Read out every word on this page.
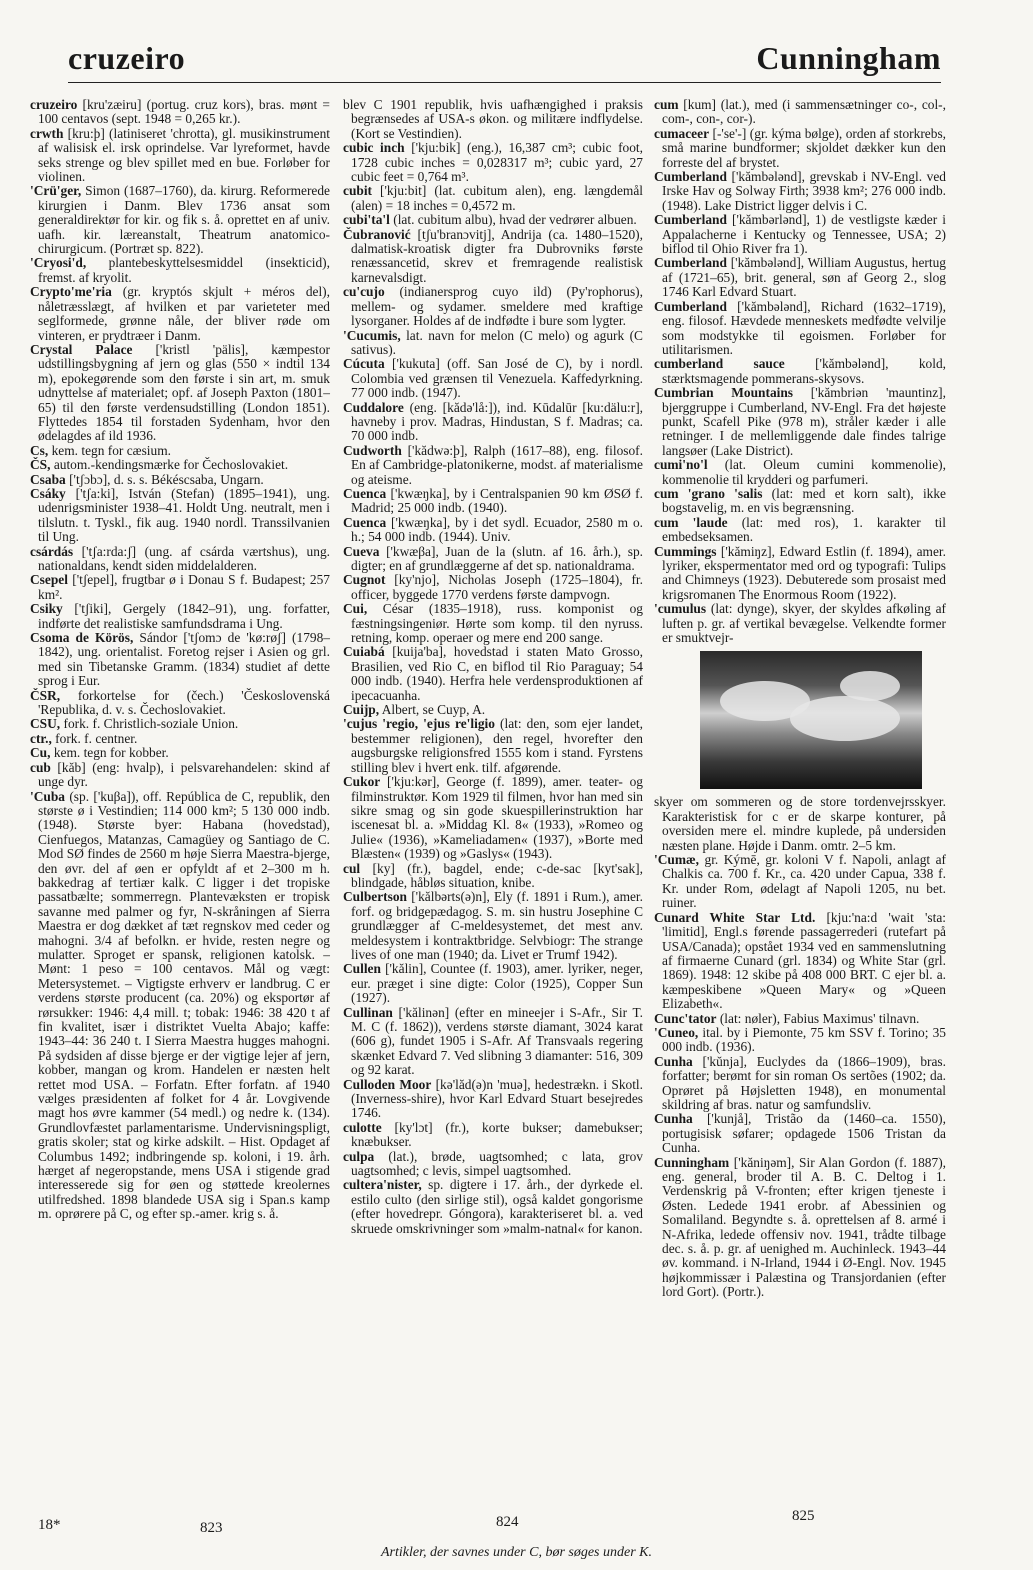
cruzeiro	Cunningham

cruzeiro [kru'zæiru] (portug. cruz kors), bras. mønt = 100 centavos (sept. 1948 = 0,265 kr.).

crwth [kru:þ] (latiniseret 'chrotta), gl. musikinstrument af walisisk el. irsk oprindelse. Var lyreformet, havde seks strenge og blev spillet med en bue. Forløber for violinen.

'Crü'ger, Simon (1687–1760), da. kirurg. Reformerede kirurgien i Danm. Blev 1736 ansat som generaldirektør for kir. og fik s. å. oprettet en af univ. uafh. kir. læreanstalt, Theatrum anatomico-chirurgicum. (Portræt sp. 822).

'Cryosi'd, plantebeskyttelsesmiddel (insekticid), fremst. af kryolit.

Crypto'me'ria (gr. kryptós skjult + méros del), nåletræsslægt, af hvilken et par varieteter med seglformede, grønne nåle, der bliver røde om vinteren, er prydtræer i Danm.

Crystal Palace ['kristl 'pälis], kæmpestor udstillingsbygning af jern og glas (550 × indtil 134 m), epokegørende som den første i sin art, m. smuk udnyttelse af materialet; opf. af Joseph Paxton (1801–65) til den første verdensudstilling (London 1851). Flyttedes 1854 til forstaden Sydenham, hvor den ødelagdes af ild 1936.

Cs, kem. tegn for cæsium.

ČS, autom.-kendingsmærke for Čechoslovakiet.

Csaba ['tʃɔbɔ], d. s. s. Békéscsaba, Ungarn.

Csáky ['tʃa:ki], István (Stefan) (1895–1941), ung. udenrigsminister 1938–41. Holdt Ung. neutralt, men i tilslutn. t. Tyskl., fik aug. 1940 nordl. Transsilvanien til Ung.

csárdás ['tʃa:rda:ʃ] (ung. af csárda værtshus), ung. nationaldans, kendt siden middelalderen.

Csepel ['tʃepel], frugtbar ø i Donau S f. Budapest; 257 km².

Csiky ['tʃiki], Gergely (1842–91), ung. forfatter, indførte det realistiske samfundsdrama i Ung.

Csoma de Körös, Sándor ['tʃomɔ de 'kø:røʃ] (1798–1842), ung. orientalist. Foretog rejser i Asien og grl. med sin Tibetanske Gramm. (1834) studiet af dette sprog i Eur.

ČSR, forkortelse for (čech.) 'Československá 'Republika, d. v. s. Čechoslovakiet.

CSU, fork. f. Christlich-soziale Union.

ctr., fork. f. centner.

Cu, kem. tegn for kobber.

cub [kăb] (eng: hvalp), i pelsvarehandelen: skind af unge dyr.

'Cuba (sp. ['kuβa]), off. República de C, republik, den største ø i Vestindien; 114 000 km²; 5 130 000 indb. (1948). Største byer: Habana (hovedstad), Cienfuegos, Matanzas, Camagüey og Santiago de C. Mod SØ findes de 2560 m høje Sierra Maestra-bjerge, den øvr. del af øen er opfyldt af et 2–300 m h. bakkedrag af tertiær kalk. C ligger i det tropiske passatbælte; sommerregn. Plantevæksten er tropisk savanne med palmer og fyr, N-skråningen af Sierra Maestra er dog dækket af tæt regnskov med ceder og mahogni. 3/4 af befolkn. er hvide, resten negre og mulatter. Sproget er spansk, religionen katolsk. – Mønt: 1 peso = 100 centavos. Mål og vægt: Metersystemet. – Vigtigste erhverv er landbrug. C er verdens største producent (ca. 20%) og eksportør af rørsukker: 1946: 4,4 mill. t; tobak: 1946: 38 420 t af fin kvalitet, især i distriktet Vuelta Abajo; kaffe: 1943–44: 36 240 t. I Sierra Maestra hugges mahogni. På sydsiden af disse bjerge er der vigtige lejer af jern, kobber, mangan og krom. Handelen er næsten helt rettet mod USA. – Forfatn. Efter forfatn. af 1940 vælges præsidenten af folket for 4 år. Lovgivende magt hos øvre kammer (54 medl.) og nedre k. (134). Grundlovfæstet parlamentarisme. Undervisningspligt, gratis skoler; stat og kirke adskilt. – Hist. Opdaget af Columbus 1492; indbringende sp. koloni, i 19. årh. hærget af negeropstande, mens USA i stigende grad interesserede sig for øen og støttede kreolernes utilfredshed. 1898 blandede USA sig i Span.s kamp m. oprørere på C, og efter sp.-amer. krig s. å.

blev C 1901 republik, hvis uafhængighed i praksis begrænsedes af USA-s økon. og militære indflydelse. (Kort se Vestindien).

cubic inch ['kju:bik] (eng.), 16,387 cm³; cubic foot, 1728 cubic inches = 0,028317 m³; cubic yard, 27 cubic feet = 0,764 m³.

cubit ['kju:bit] (lat. cubitum alen), eng. længdemål (alen) = 18 inches = 0,4572 m.

cubi'ta'l (lat. cubitum albu), hvad der vedrører albuen.

Čubranović [tʃu'branɔvitj], Andrija (ca. 1480–1520), dalmatisk-kroatisk digter fra Dubrovniks første renæssancetid, skrev et fremragende realistisk karnevalsdigt.

cu'cujo (indianersprog cuyo ild) (Py'rophorus), mellem- og sydamer. smeldere med kraftige lysorganer. Holdes af de indfødte i bure som lygter.

'Cucumis, lat. navn for melon (C melo) og agurk (C sativus).

Cúcuta ['kukuta] (off. San José de C), by i nordl. Colombia ved grænsen til Venezuela. Kaffedyrkning. 77 000 indb. (1947).

Cuddalore (eng. [kădə'lå:]), ind. Kūdalūr [ku:dälu:r], havneby i prov. Madras, Hindustan, S f. Madras; ca. 70 000 indb.

Cudworth ['kădwə:þ], Ralph (1617–88), eng. filosof. En af Cambridge-platonikerne, modst. af materialisme og ateisme.

Cuenca ['kwæŋka], by i Centralspanien 90 km ØSØ f. Madrid; 25 000 indb. (1940).

Cuenca ['kwæŋka], by i det sydl. Ecuador, 2580 m o. h.; 54 000 indb. (1944). Univ.

Cueva ['kwæβa], Juan de la (slutn. af 16. årh.), sp. digter; en af grundlæggerne af det sp. nationaldrama.

Cugnot [ky'njo], Nicholas Joseph (1725–1804), fr. officer, byggede 1770 verdens første dampvogn.

Cui, César (1835–1918), russ. komponist og fæstningsingeniør. Hørte som komp. til den nyruss. retning, komp. operaer og mere end 200 sange.

Cuiabá [kuija'ba], hovedstad i staten Mato Grosso, Brasilien, ved Rio C, en biflod til Rio Paraguay; 54 000 indb. (1940). Herfra hele verdensproduktionen af ipecacuanha.

Cuijp, Albert, se Cuyp, A.

'cujus 'regio, 'ejus re'ligio (lat: den, som ejer landet, bestemmer religionen), den regel, hvorefter den augsburgske religionsfred 1555 kom i stand. Fyrstens stilling blev i hvert enk. tilf. afgørende.

Cukor ['kju:kər], George (f. 1899), amer. teater- og filminstruktør. Kom 1929 til filmen, hvor han med sin sikre smag og sin gode skuespillerinstruktion har iscenesat bl. a. »Middag Kl. 8« (1933), »Romeo og Julie« (1936), »Kameliadamen« (1937), »Borte med Blæsten« (1939) og »Gaslys« (1943).

cul [ky] (fr.), bagdel, ende; c-de-sac [kyt'sak], blindgade, håbløs situation, knibe.

Culbertson ['kălbərts(ə)n], Ely (f. 1891 i Rum.), amer. forf. og bridgepædagog. S. m. sin hustru Josephine C grundlægger af C-meldesystemet, det mest anv. meldesystem i kontraktbridge. Selvbiogr: The strange lives of one man (1940; da. Livet er Trumf 1942).

Cullen ['kălin], Countee (f. 1903), amer. lyriker, neger, eur. præget i sine digte: Color (1925), Copper Sun (1927).

Cullinan ['kălinən] (efter en mineejer i S-Afr., Sir T. M. C (f. 1862)), verdens største diamant, 3024 karat (606 g), fundet 1905 i S-Afr. Af Transvaals regering skænket Edvard 7. Ved slibning 3 diamanter: 516, 309 og 92 karat.

Culloden Moor [kə'lăd(ə)n 'muə], hedestrækn. i Skotl. (Inverness-shire), hvor Karl Edvard Stuart besejredes 1746.

culotte [ky'lɔt] (fr.), korte bukser; damebukser; knæbukser.

culpa (lat.), brøde, uagtsomhed; c lata, grov uagtsomhed; c levis, simpel uagtsomhed.

cultera'nister, sp. digtere i 17. årh., der dyrkede el. estilo culto (den sirlige stil), også kaldet gongorisme (efter hovedrepr. Góngora), karakteriseret bl. a. ved skruede omskrivninger som »malm-natnal« for kanon.

cum [kum] (lat.), med (i sammensætninger co-, col-, com-, con-, cor-).

cumaceer [-'se'-] (gr. kýma bølge), orden af storkrebs, små marine bundformer; skjoldet dækker kun den forreste del af brystet.

Cumberland ['kămbələnd], grevskab i NV-Engl. ved Irske Hav og Solway Firth; 3938 km²; 276 000 indb. (1948). Lake District ligger delvis i C.

Cumberland ['kămbərlənd], 1) de vestligste kæder i Appalacherne i Kentucky og Tennessee, USA; 2) biflod til Ohio River fra 1).

Cumberland ['kămbələnd], William Augustus, hertug af (1721–65), brit. general, søn af Georg 2., slog 1746 Karl Edvard Stuart.

Cumberland ['kămbələnd], Richard (1632–1719), eng. filosof. Hævdede menneskets medfødte velvilje som modstykke til egoismen. Forløber for utilitarismen.

cumberland sauce ['kămbələnd], kold, stærktsmagende pommerans-skysovs.

Cumbrian Mountains ['kămbriən 'mauntinz], bjerggruppe i Cumberland, NV-Engl. Fra det højeste punkt, Scafell Pike (978 m), stråler kæder i alle retninger. I de mellemliggende dale findes talrige langsøer (Lake District).

cumi'no'l (lat. Oleum cumini kommenolie), kommenolie til krydderi og parfumeri.

cum 'grano 'salis (lat: med et korn salt), ikke bogstavelig, m. en vis begrænsning.

cum 'laude (lat: med ros), 1. karakter til embedseksamen.

Cummings ['kămiŋz], Edward Estlin (f. 1894), amer. lyriker, ekspermentator med ord og typografi: Tulips and Chimneys (1923). Debuterede som prosaist med krigsromanen The Enormous Room (1922).

'cumulus (lat: dynge), skyer, der skyldes afkøling af luften p. gr. af vertikal bevægelse. Velkendte former er smuktvejr-

skyer om sommeren og de store tordenvejrsskyer. Karakteristisk for c er de skarpe konturer, på oversiden mere el. mindre kuplede, på undersiden næsten plane. Højde i Danm. omtr. 2–5 km.

'Cumæ, gr. Kýmē, gr. koloni V f. Napoli, anlagt af Chalkis ca. 700 f. Kr., ca. 420 under Capua, 338 f. Kr. under Rom, ødelagt af Napoli 1205, nu bet. ruiner.

Cunard White Star Ltd. [kju:'na:d 'wait 'sta: 'limitid], Engl.s førende passagerrederi (rutefart på USA/Canada); opstået 1934 ved en sammenslutning af firmaerne Cunard (grl. 1834) og White Star (grl. 1869). 1948: 12 skibe på 408 000 BRT. C ejer bl. a. kæmpeskibene »Queen Mary« og »Queen Elizabeth«.

Cunc'tator (lat: nøler), Fabius Maximus' tilnavn.

'Cuneo, ital. by i Piemonte, 75 km SSV f. Torino; 35 000 indb. (1936).

Cunha ['kŭnja], Euclydes da (1866–1909), bras. forfatter; berømt for sin roman Os sertões (1902; da. Oprøret på Højsletten 1948), en monumental skildring af bras. natur og samfundsliv.

Cunha ['kunjå], Tristão da (1460–ca. 1550), portugisisk søfarer; opdagede 1506 Tristan da Cunha.

Cunningham ['kăniŋəm], Sir Alan Gordon (f. 1887), eng. general, broder til A. B. C. Deltog i 1. Verdenskrig på V-fronten; efter krigen tjeneste i Østen. Ledede 1941 erobr. af Abessinien og Somaliland. Begyndte s. å. oprettelsen af 8. armé i N-Afrika, ledede offensiv nov. 1941, trådte tilbage dec. s. å. p. gr. af uenighed m. Auchinleck. 1943–44 øv. kommand. i N-Irland, 1944 i Ø-Engl. Nov. 1945 højkommissær i Palæstina og Transjordanien (efter lord Gort). (Portr.).

18*	823	824	825
Artikler, der savnes under C, bør søges under K.
